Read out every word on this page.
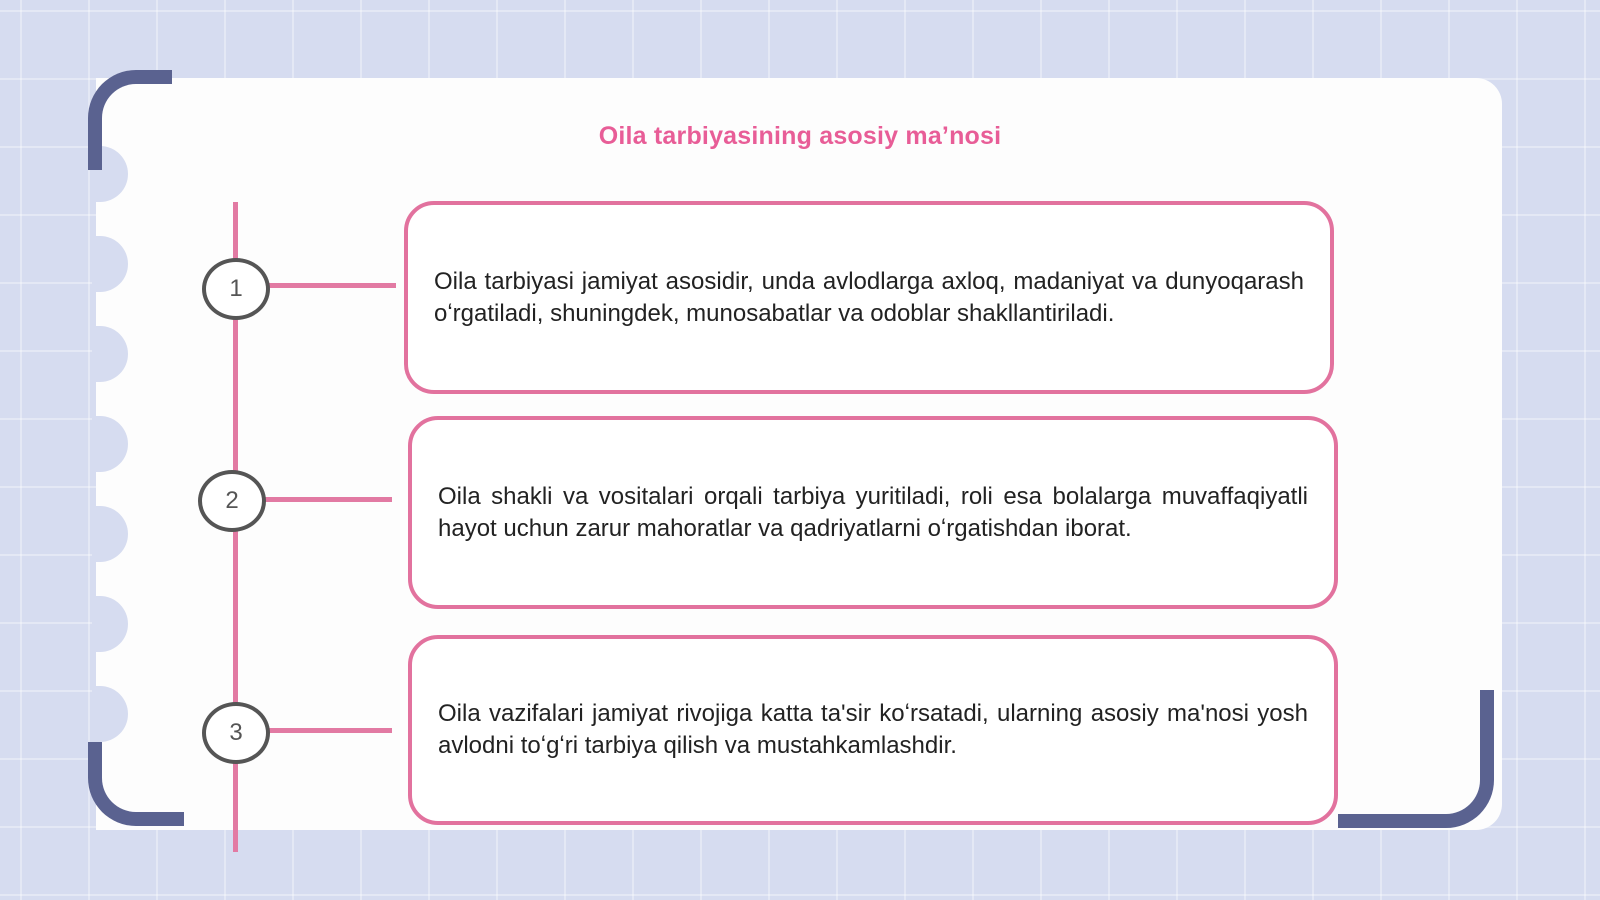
Oila tarbiyasining asosiy ma’nosi
1	Oila tarbiyasi jamiyat asosidir, unda avlodlarga axloq, madaniyat va dunyoqarash oʻrgatiladi, shuningdek, munosabatlar va odoblar shakllantiriladi.

2	Oila shakli va vositalari orqali tarbiya yuritiladi, roli esa bolalarga muvaffaqiyatli hayot uchun zarur mahoratlar va qadriyatlarni oʻrgatishdan iborat.

3

Oila vazifalari jamiyat rivojiga katta ta'sir koʻrsatadi, ularning asosiy ma'nosi yosh avlodni toʻgʻri tarbiya qilish va mustahkamlashdir.
